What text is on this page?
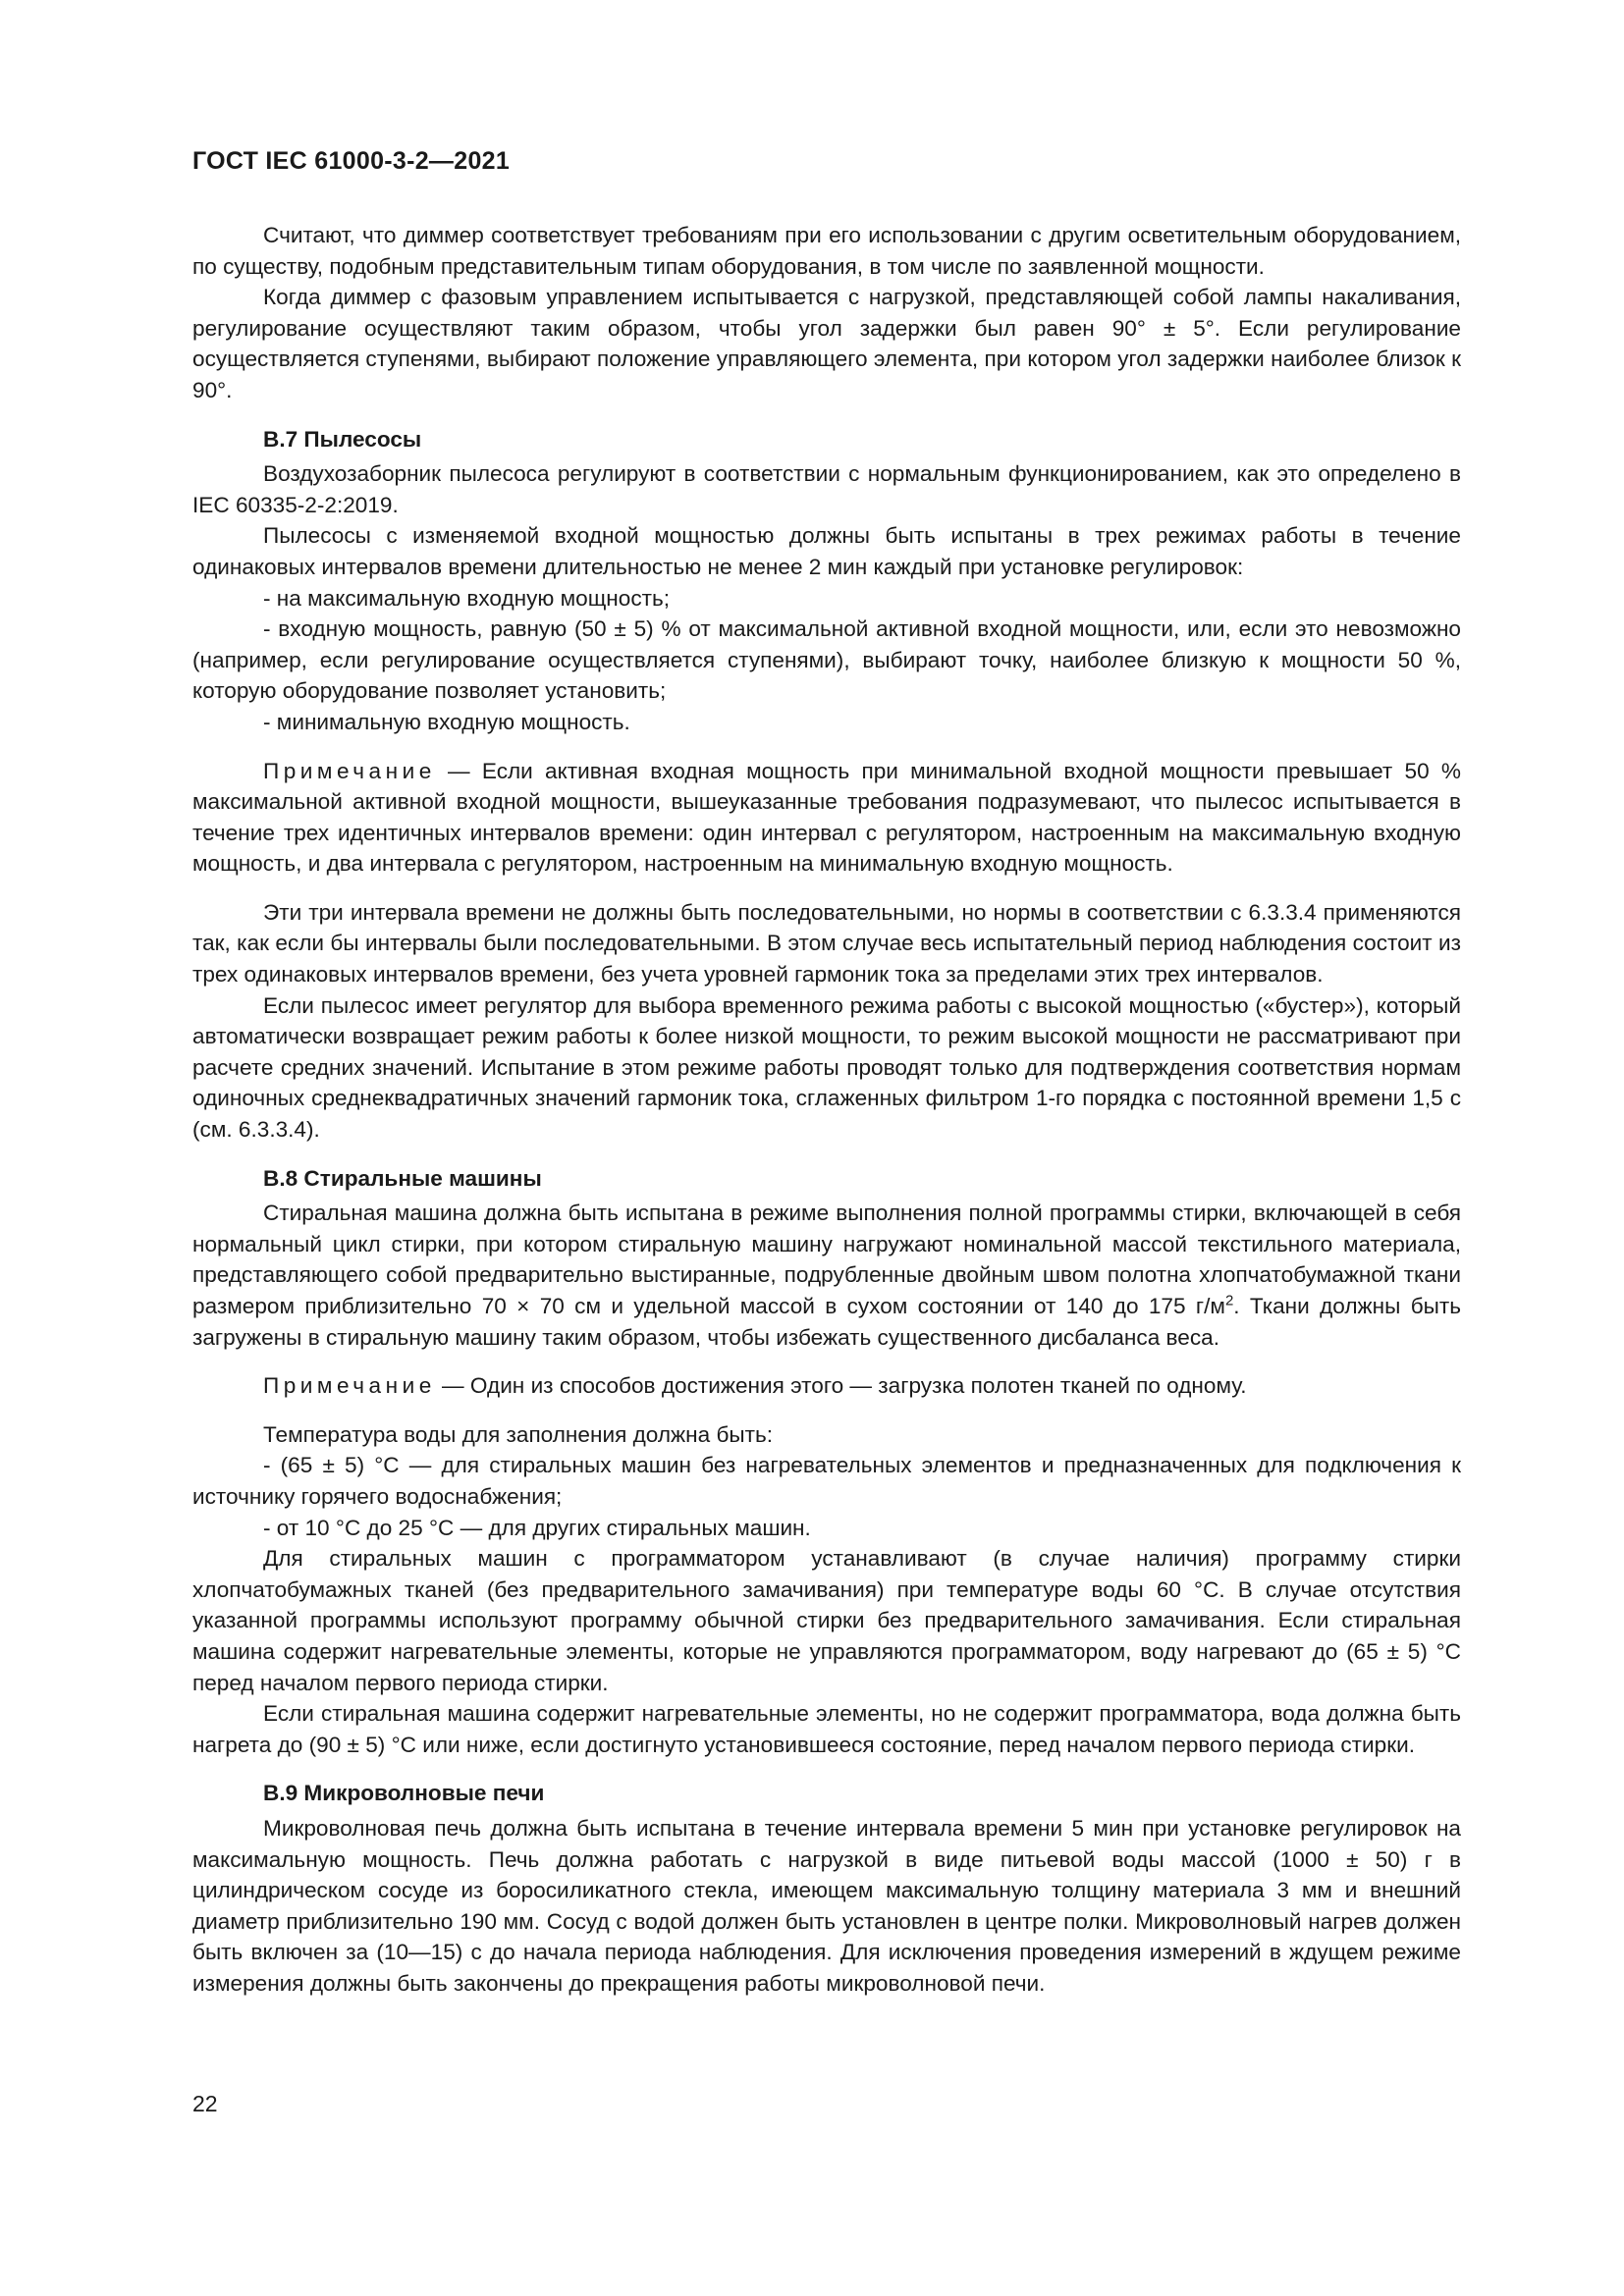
ГОСТ IEC 61000-3-2—2021

Считают, что диммер соответствует требованиям при его использовании с другим осветительным оборудованием, по существу, подобным представительным типам оборудования, в том числе по заявленной мощности.

Когда диммер с фазовым управлением испытывается с нагрузкой, представляющей собой лампы накаливания, регулирование осуществляют таким образом, чтобы угол задержки был равен 90° ± 5°. Если регулирование осуществляется ступенями, выбирают положение управляющего элемента, при котором угол задержки наиболее близок к 90°.

B.7 Пылесосы

Воздухозаборник пылесоса регулируют в соответствии с нормальным функционированием, как это определено в IEC 60335-2-2:2019.

Пылесосы с изменяемой входной мощностью должны быть испытаны в трех режимах работы в течение одинаковых интервалов времени длительностью не менее 2 мин каждый при установке регулировок:

- на максимальную входную мощность;

- входную мощность, равную (50 ± 5) % от максимальной активной входной мощности, или, если это невозможно (например, если регулирование осуществляется ступенями), выбирают точку, наиболее близкую к мощности 50 %, которую оборудование позволяет установить;

- минимальную входную мощность.

Примечание — Если активная входная мощность при минимальной входной мощности превышает 50 % максимальной активной входной мощности, вышеуказанные требования подразумевают, что пылесос испытывается в течение трех идентичных интервалов времени: один интервал с регулятором, настроенным на максимальную входную мощность, и два интервала с регулятором, настроенным на минимальную входную мощность.

Эти три интервала времени не должны быть последовательными, но нормы в соответствии с 6.3.3.4 применяются так, как если бы интервалы были последовательными. В этом случае весь испытательный период наблюдения состоит из трех одинаковых интервалов времени, без учета уровней гармоник тока за пределами этих трех интервалов.

Если пылесос имеет регулятор для выбора временного режима работы с высокой мощностью («бустер»), который автоматически возвращает режим работы к более низкой мощности, то режим высокой мощности не рассматривают при расчете средних значений. Испытание в этом режиме работы проводят только для подтверждения соответствия нормам одиночных среднеквадратичных значений гармоник тока, сглаженных фильтром 1-го порядка с постоянной времени 1,5 с (см. 6.3.3.4).

B.8 Стиральные машины

Стиральная машина должна быть испытана в режиме выполнения полной программы стирки, включающей в себя нормальный цикл стирки, при котором стиральную машину нагружают номинальной массой текстильного материала, представляющего собой предварительно выстиранные, подрубленные двойным швом полотна хлопчатобумажной ткани размером приблизительно 70 × 70 см и удельной массой в сухом состоянии от 140 до 175 $г/м^2$. Ткани должны быть загружены в стиральную машину таким образом, чтобы избежать существенного дисбаланса веса.

Примечание — Один из способов достижения этого — загрузка полотен тканей по одному.

Температура воды для заполнения должна быть:

- (65 ± 5) °С — для стиральных машин без нагревательных элементов и предназначенных для подключения к источнику горячего водоснабжения;

- от 10 °С до 25 °С — для других стиральных машин.

Для стиральных машин с программатором устанавливают (в случае наличия) программу стирки хлопчатобумажных тканей (без предварительного замачивания) при температуре воды 60 °С. В случае отсутствия указанной программы используют программу обычной стирки без предварительного замачивания. Если стиральная машина содержит нагревательные элементы, которые не управляются программатором, воду нагревают до (65 ± 5) °С перед началом первого периода стирки.

Если стиральная машина содержит нагревательные элементы, но не содержит программатора, вода должна быть нагрета до (90 ± 5) °С или ниже, если достигнуто установившееся состояние, перед началом первого периода стирки.

B.9 Микроволновые печи

Микроволновая печь должна быть испытана в течение интервала времени 5 мин при установке регулировок на максимальную мощность. Печь должна работать с нагрузкой в виде питьевой воды массой (1000 ± 50) г в цилиндрическом сосуде из боросиликатного стекла, имеющем максимальную толщину материала 3 мм и внешний диаметр приблизительно 190 мм. Сосуд с водой должен быть установлен в центре полки. Микроволновый нагрев должен быть включен за (10—15) с до начала периода наблюдения. Для исключения проведения измерений в ждущем режиме измерения должны быть закончены до прекращения работы микроволновой печи.

22
